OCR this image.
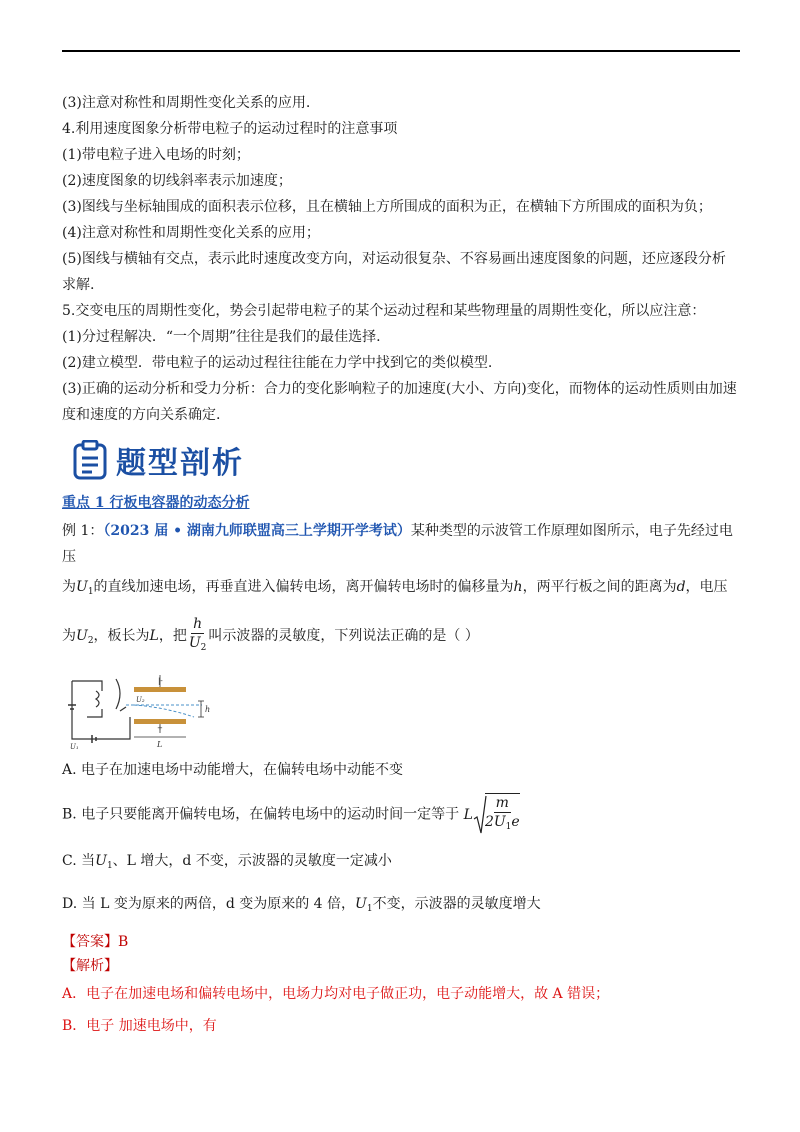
(3)注意对称性和周期性变化关系的应用.

4.利用速度图象分析带电粒子的运动过程时的注意事项

(1)带电粒子进入电场的时刻；

(2)速度图象的切线斜率表示加速度；

(3)图线与坐标轴围成的面积表示位移，且在横轴上方所围成的面积为正，在横轴下方所围成的面积为负；

(4)注意对称性和周期性变化关系的应用；

(5)图线与横轴有交点，表示此时速度改变方向，对运动很复杂、不容易画出速度图象的问题，还应逐段分析

求解.

5.交变电压的周期性变化，势会引起带电粒子的某个运动过程和某些物理量的周期性变化，所以应注意：

(1)分过程解决．“一个周期”往往是我们的最佳选择.

(2)建立模型．带电粒子的运动过程往往能在力学中找到它的类似模型.

(3)正确的运动分析和受力分析：合力的变化影响粒子的加速度(大小、方向)变化，而物体的运动性质则由加速

度和速度的方向关系确定.

题型剖析
重点 1 行板电容器的动态分析

例 1：（2023 届 • 湖南九师联盟高三上学期开学考试）某种类型的示波管工作原理如图所示，电子先经过电压

为$U_1$的直线加速电场，再垂直进入偏转电场，离开偏转电场时的偏移量为h，两平行板之间的距离为d，电压

为$U_2$，板长为L，把 $\frac{h}{U_2}$ 叫示波器的灵敏度，下列说法正确的是（ ）

U₂
h
L
+
|-
U₁
A. 电子在加速电场中动能增大，在偏转电场中动能不变
B. 电子只要能离开偏转电场，在偏转电场中的运动时间一定等于 L $\frac{m}{2U_1e}$
C. 当$U_1$、L 增大，d 不变，示波器的灵敏度一定减小
D. 当 L 变为原来的两倍，d 变为原来的 4 倍，$U_1$不变，示波器的灵敏度增大

【答案】B

【解析】

A．电子在加速电场和偏转电场中，电场力均对电子做正功，电子动能增大，故 A 错误；

B．电子 加速电场中，有
